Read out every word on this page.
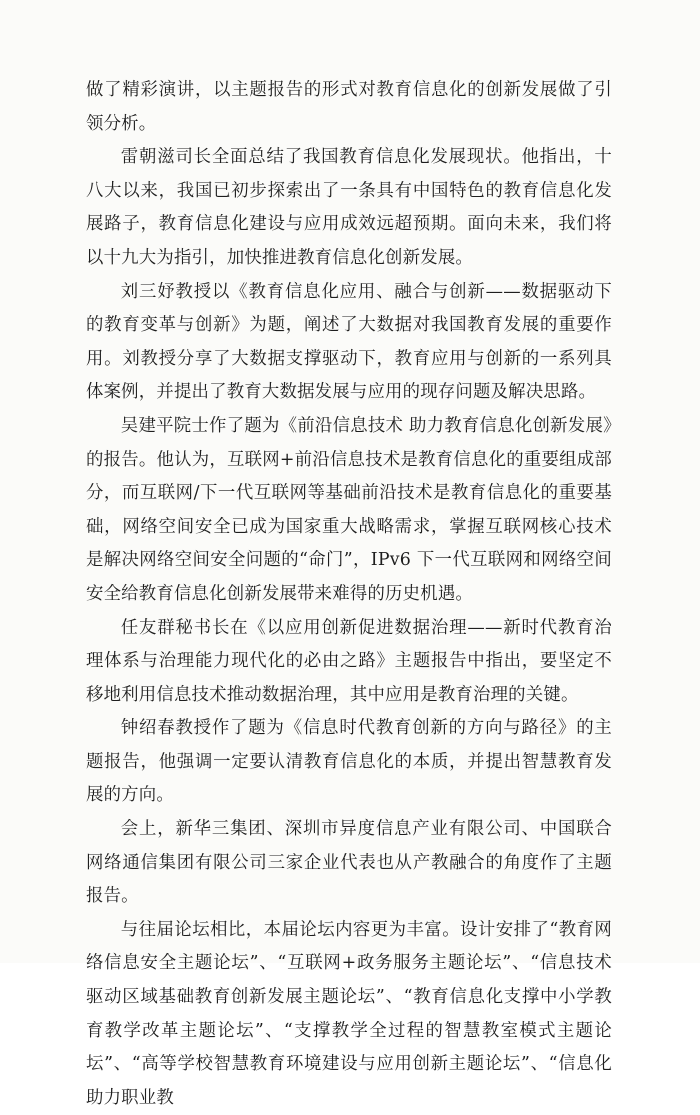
做了精彩演讲，以主题报告的形式对教育信息化的创新发展做了引领分析。

雷朝滋司长全面总结了我国教育信息化发展现状。他指出，十八大以来，我国已初步探索出了一条具有中国特色的教育信息化发展路子，教育信息化建设与应用成效远超预期。面向未来，我们将以十九大为指引，加快推进教育信息化创新发展。

刘三妤教授以《教育信息化应用、融合与创新——数据驱动下的教育变革与创新》为题，阐述了大数据对我国教育发展的重要作用。刘教授分享了大数据支撑驱动下，教育应用与创新的一系列具体案例，并提出了教育大数据发展与应用的现存问题及解决思路。

吴建平院士作了题为《前沿信息技术 助力教育信息化创新发展》的报告。他认为，互联网+前沿信息技术是教育信息化的重要组成部分，而互联网/下一代互联网等基础前沿技术是教育信息化的重要基础，网络空间安全已成为国家重大战略需求，掌握互联网核心技术是解决网络空间安全问题的“命门”，IPv6 下一代互联网和网络空间安全给教育信息化创新发展带来难得的历史机遇。

任友群秘书长在《以应用创新促进数据治理——新时代教育治理体系与治理能力现代化的必由之路》主题报告中指出，要坚定不移地利用信息技术推动数据治理，其中应用是教育治理的关键。

钟绍春教授作了题为《信息时代教育创新的方向与路径》的主题报告，他强调一定要认清教育信息化的本质，并提出智慧教育发展的方向。

会上，新华三集团、深圳市异度信息产业有限公司、中国联合网络通信集团有限公司三家企业代表也从产教融合的角度作了主题报告。

与往届论坛相比，本届论坛内容更为丰富。设计安排了“教育网络信息安全主题论坛”、“互联网+政务服务主题论坛”、“信息技术驱动区域基础教育创新发展主题论坛”、“教育信息化支撑中小学教育教学改革主题论坛”、“支撑教学全过程的智慧教室模式主题论坛”、“高等学校智慧教育环境建设与应用创新主题论坛”、“信息化助力职业教
